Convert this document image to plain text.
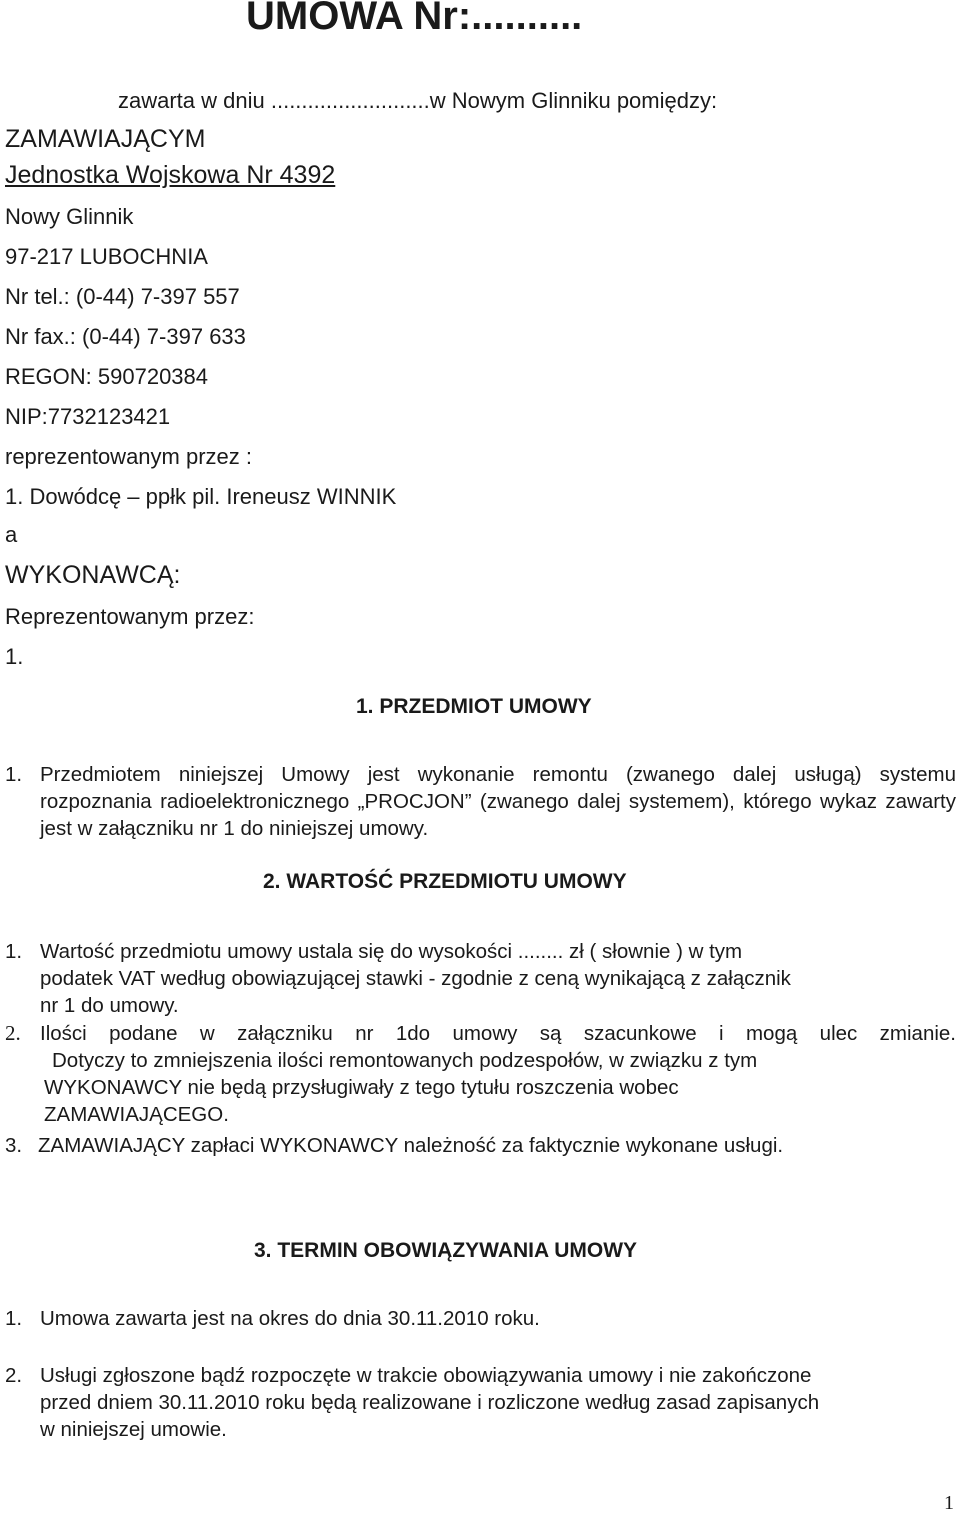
UMOWA Nr:..........

zawarta w dniu ..........................w Nowym Glinniku pomiędzy:

ZAMAWIAJĄCYM

Jednostka Wojskowa Nr 4392

Nowy Glinnik

97-217 LUBOCHNIA

Nr tel.: (0-44) 7-397 557

Nr fax.: (0-44) 7-397 633

REGON: 590720384

NIP:7732123421

reprezentowanym przez :

1. Dowódcę – ppłk pil. Ireneusz WINNIK

a

WYKONAWCĄ:

Reprezentowanym przez:

1.

1. PRZEDMIOT UMOWY

1. Przedmiotem niniejszej Umowy jest wykonanie remontu (zwanego dalej usługą) systemu rozpoznania radioelektronicznego „PROCJON” (zwanego dalej systemem), którego wykaz zawarty jest w załączniku nr 1 do niniejszej umowy.

2. WARTOŚĆ PRZEDMIOTU UMOWY

1. Wartość przedmiotu umowy ustala się do wysokości ........ zł ( słownie ) w tym

podatek VAT według obowiązującej stawki - zgodnie z ceną wynikającą z załącznik

nr 1 do umowy.

2. Ilości podane w załączniku nr 1do umowy są szacunkowe i mogą ulec zmianie.

Dotyczy to zmniejszenia ilości remontowanych podzespołów, w związku z tym

WYKONAWCY nie będą przysługiwały z tego tytułu roszczenia wobec

ZAMAWIAJĄCEGO.

3. ZAMAWIAJĄCY zapłaci WYKONAWCY należność za faktycznie wykonane usługi.

3. TERMIN OBOWIĄZYWANIA UMOWY

1. Umowa zawarta jest na okres do dnia 30.11.2010 roku.

2. Usługi zgłoszone bądź rozpoczęte w trakcie obowiązywania umowy i nie zakończone

przed dniem 30.11.2010 roku będą realizowane i rozliczone według zasad zapisanych

w niniejszej umowie.

1
